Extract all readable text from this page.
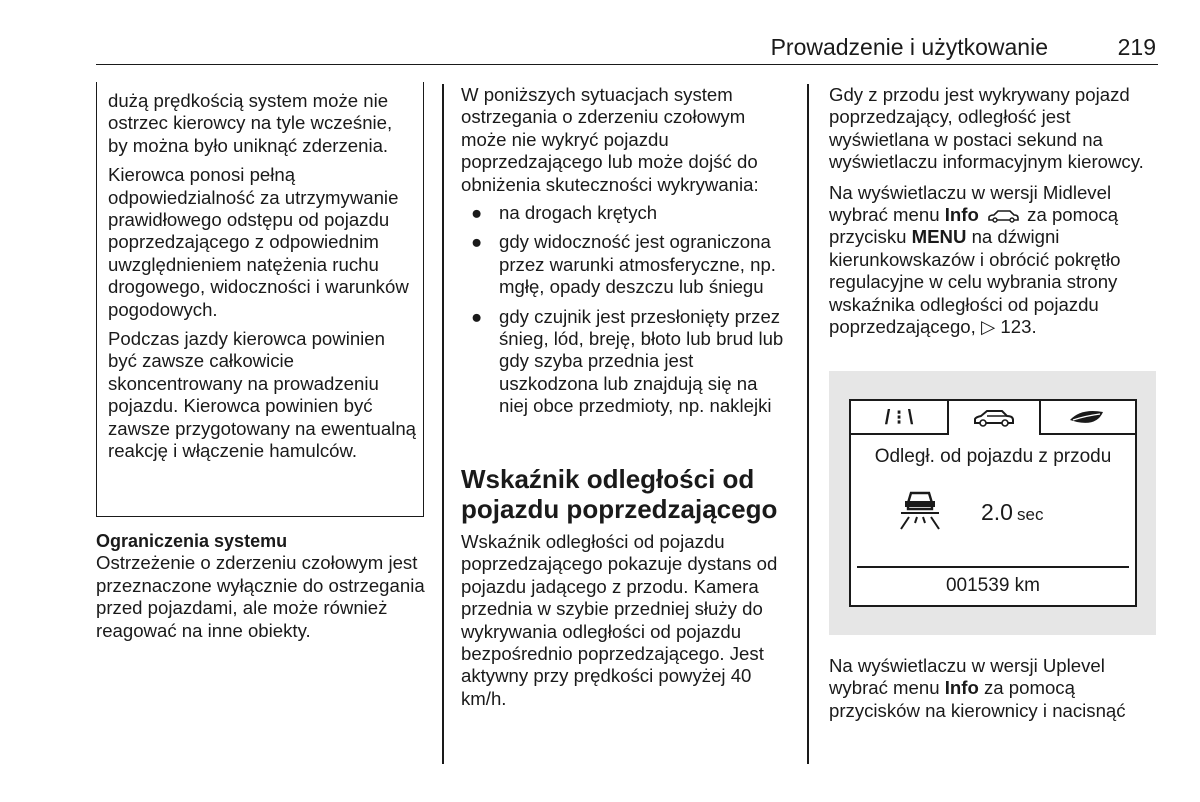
Prowadzenie i użytkowanie	219

dużą prędkością system może nie ostrzec kierowcy na tyle wcześnie, by można było uniknąć zderzenia.

Kierowca ponosi pełną odpowiedzialność za utrzymywanie prawidłowego odstępu od pojazdu poprzedzającego z odpowiednim uwzględnieniem natężenia ruchu drogowego, widoczności i warunków pogodowych.

Podczas jazdy kierowca powinien być zawsze całkowicie skoncentrowany na prowadzeniu pojazdu. Kierowca powinien być zawsze przygotowany na ewentualną reakcję i włączenie hamulców.

Ograniczenia systemu

Ostrzeżenie o zderzeniu czołowym jest przeznaczone wyłącznie do ostrzegania przed pojazdami, ale może również reagować na inne obiekty.

W poniższych sytuacjach system ostrzegania o zderzeniu czołowym może nie wykryć pojazdu poprzedzającego lub może dojść do obniżenia skuteczności wykrywania:

● na drogach krętych
● gdy widoczność jest ograniczona przez warunki atmosferyczne, np. mgłę, opady deszczu lub śniegu
● gdy czujnik jest przesłonięty przez śnieg, lód, breję, błoto lub brud lub gdy szyba przednia jest uszkodzona lub znajdują się na niej obce przedmioty, np. naklejki
Wskaźnik odległości od pojazdu poprzedzającego

Wskaźnik odległości od pojazdu poprzedzającego pokazuje dystans od pojazdu jadącego z przodu. Kamera przednia w szybie przedniej służy do wykrywania odległości od pojazdu bezpośrednio poprzedzającego. Jest aktywny przy prędkości powyżej 40 km/h.

Gdy z przodu jest wykrywany pojazd poprzedzający, odległość jest wyświetlana w postaci sekund na wyświetlaczu informacyjnym kierowcy.

Na wyświetlaczu w wersji Midlevel wybrać menu Info  za pomocą przycisku MENU na dźwigni kierunkowskazów i obrócić pokrętło regulacyjne w celu wybrania strony wskaźnika odległości od pojazdu poprzedzającego, ▷ 123.

/ ⁝ \
Odległ. od pojazdu z przodu
2.0 sec
001539 km

Na wyświetlaczu w wersji Uplevel wybrać menu Info za pomocą przycisków na kierownicy i nacisnąć
